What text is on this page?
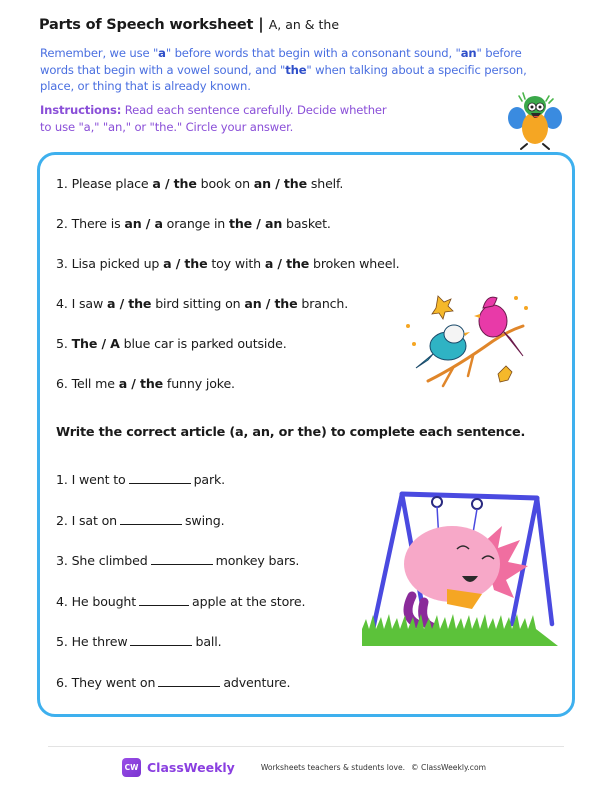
Parts of Speech worksheet | A, an & the

Remember, we use "a" before words that begin with a consonant sound, "an" before words that begin with a vowel sound, and "the" when talking about a specific person, place, or thing that is already known.

Instructions: Read each sentence carefully. Decide whether to use "a," "an," or "the." Circle your answer.

1. Please place a / the book on an / the shelf.
2. There is an / a orange in the / an basket.
3. Lisa picked up a / the toy with a / the broken wheel.
4. I saw a / the bird sitting on an / the branch.
5. The / A blue car is parked outside.
6. Tell me a / the funny joke.
Write the correct article (a, an, or the) to complete each sentence.
1. I went to	park.
2. I sat on	swing.
3. She climbed	monkey bars.
4. He bought	apple at the store.
5. He threw	ball.
6. They went on	adventure.
CW ClassWeekly	Worksheets teachers & students love. © ClassWeekly.com
